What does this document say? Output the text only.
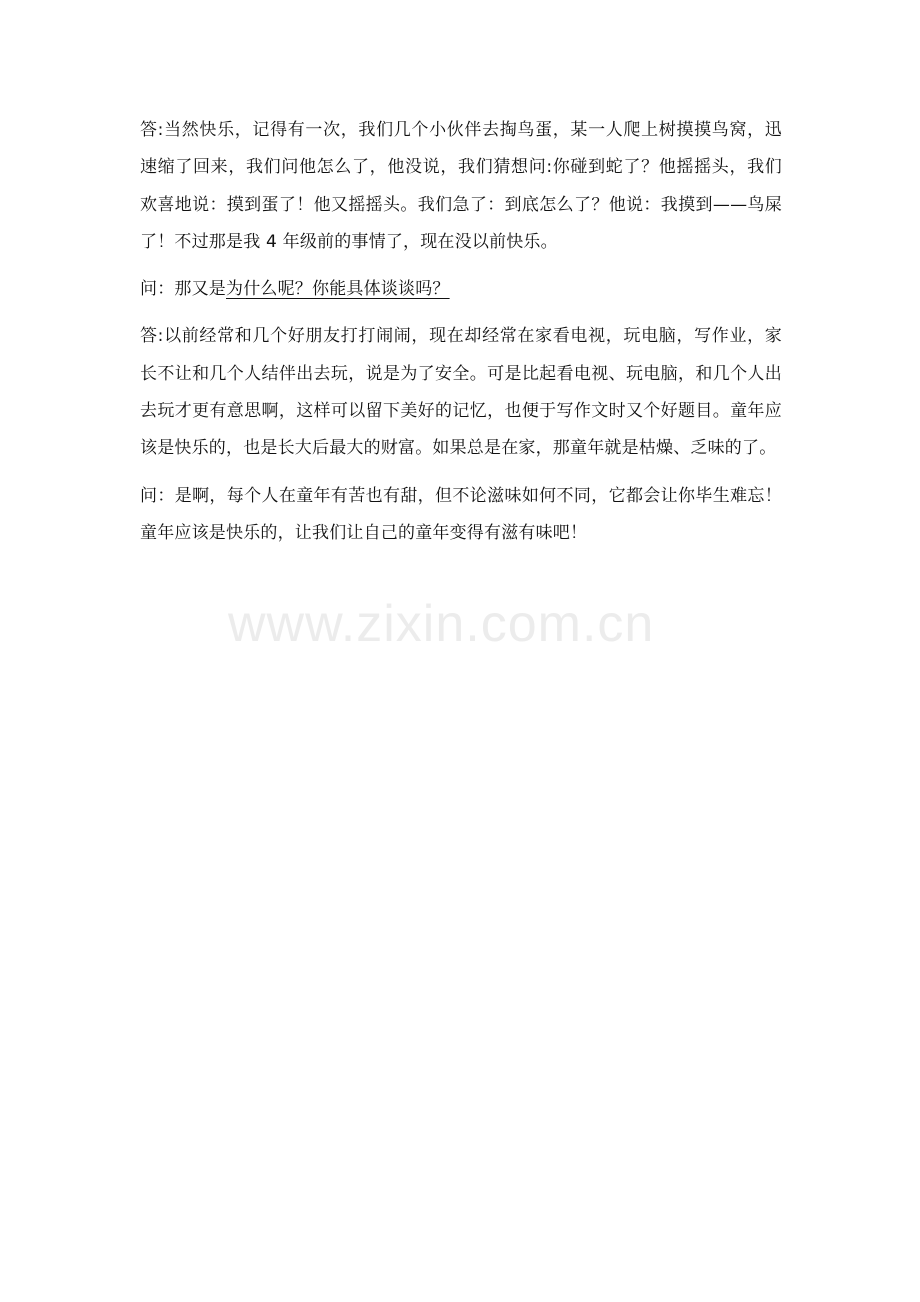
答:当然快乐，记得有一次，我们几个小伙伴去掏鸟蛋，某一人爬上树摸摸鸟窝，迅速缩了回来，我们问他怎么了，他没说，我们猜想问:你碰到蛇了？他摇摇头，我们欢喜地说：摸到蛋了！他又摇摇头。我们急了：到底怎么了？他说：我摸到——鸟屎了！不过那是我 4 年级前的事情了，现在没以前快乐。

问：那又是为什么呢？你能具体谈谈吗？

答:以前经常和几个好朋友打打闹闹，现在却经常在家看电视，玩电脑，写作业，家长不让和几个人结伴出去玩，说是为了安全。可是比起看电视、玩电脑，和几个人出去玩才更有意思啊，这样可以留下美好的记忆，也便于写作文时又个好题目。童年应该是快乐的，也是长大后最大的财富。如果总是在家，那童年就是枯燥、乏味的了。

问：是啊，每个人在童年有苦也有甜，但不论滋味如何不同，它都会让你毕生难忘！童年应该是快乐的，让我们让自己的童年变得有滋有味吧！

www.zixin.com.cn
